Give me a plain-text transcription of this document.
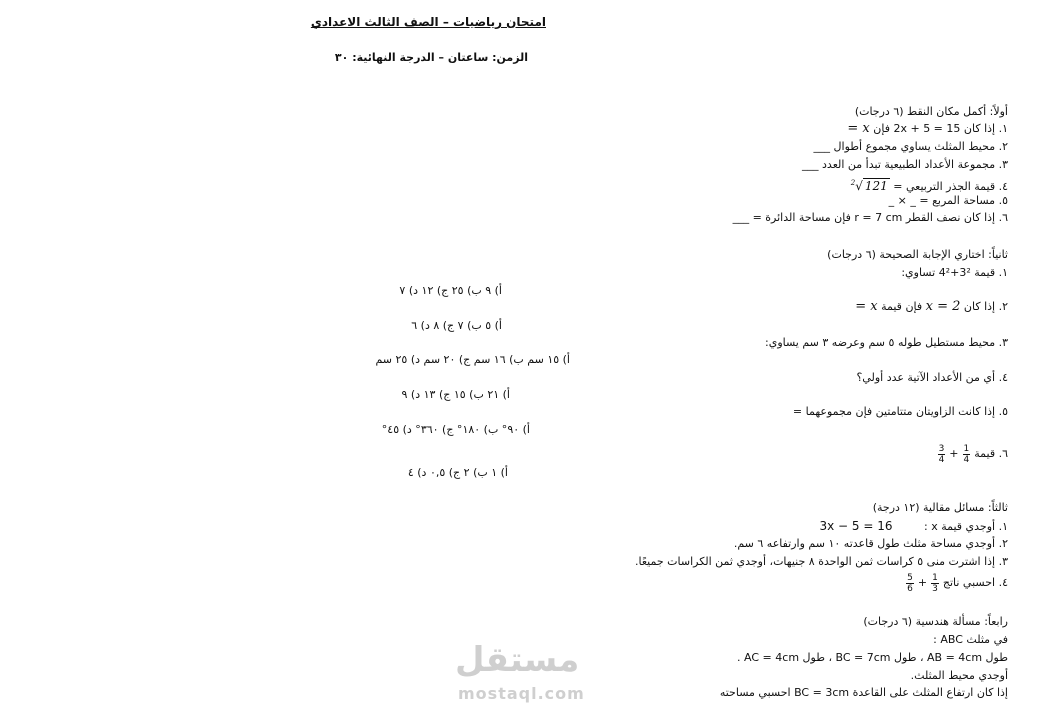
امتحان رياضيات – الصف الثالث الاعدادي
الزمن: ساعتان – الدرجة النهائية: ٣٠
أولاً: أكمل مكان النقط (٦ درجات)
١. إذا كان 15 = 5 + 2x فإن x =
٢. محيط المثلث يساوي مجموع أطوال ___
٣. مجموعة الأعداد الطبيعية تبدأ من العدد ___
٤. قيمة الجذر التربيعي = $^2$√ 121
٥. مساحة المربع = _ × _
٦. إذا كان نصف القطر r = 7 cm فإن مساحة الدائرة = ___
ثانياً: اختاري الإجابة الصحيحة (٦ درجات)
١. قيمة 3²+4² تساوي:
٢. إذا كان x = 2 فإن قيمة x =
٣. محيط مستطيل طوله ٥ سم وعرضه ٣ سم يساوي:
٤. أي من الأعداد الآتية عدد أولي؟
٥. إذا كانت الزاويتان متتامتين فإن مجموعهما =
٦. قيمة
$\frac{1}{4}$
+
$\frac{3}{4}$
أ) ٩ ب) ٢٥ ج) ١٢ د) ٧
أ) ٥ ب) ٧ ج) ٨ د) ٦
أ) ١٥ سم ب) ١٦ سم ج) ٢٠ سم د) ٢٥ سم
أ) ٢١ ب) ١٥ ج) ١٣ د) ٩
أ) ٩٠° ب) ١٨٠° ج) ٣٦٠° د) ٤٥°
أ) ١ ب) ٢ ج) ٠,٥ د) ٤
ثالثاً: مسائل مقالية (١٢ درجة)
١. أوجدي قيمة x : 3x − 5 = 16
٢. أوجدي مساحة مثلث طول قاعدته ١٠ سم وارتفاعه ٦ سم.
٣. إذا اشترت منى ٥ كراسات ثمن الواحدة ٨ جنيهات، أوجدي ثمن الكراسات جميعًا.
٤. احسبي ناتج
$\frac{1}{3}$
+
$\frac{5}{6}$
رابعاً: مسألة هندسية (٦ درجات)
في مثلث ABC :
طول AB = 4cm ، طول BC = 7cm ، طول AC = 4cm .
أوجدي محيط المثلث.
إذا كان ارتفاع المثلث على القاعدة BC = 3cm احسبي مساحته
مستقل
mostaql.com
